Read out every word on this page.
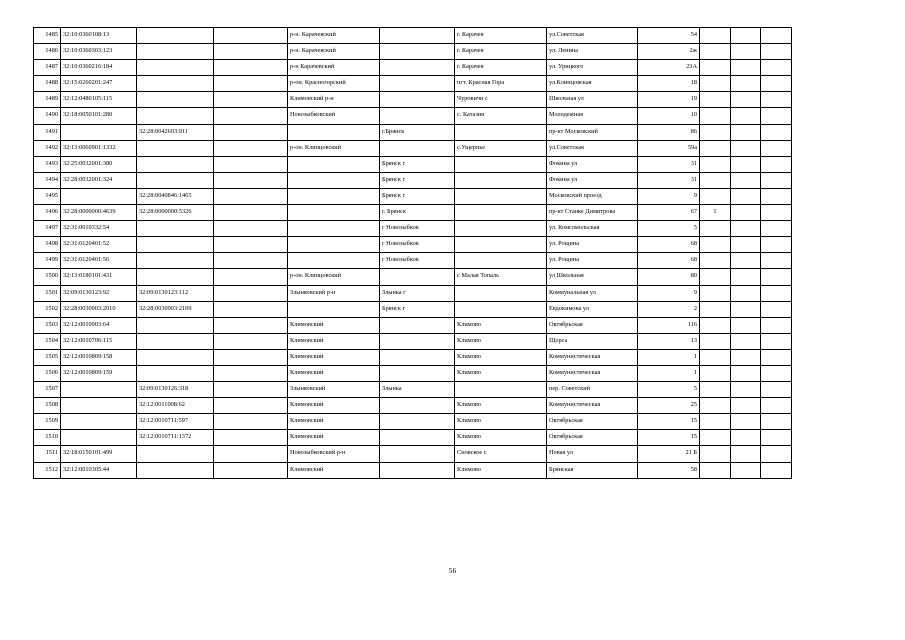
1485	32:10:0360108:13			р-н. Карачевский		г. Карачев	ул.Советская	54			
1486	32:10:0360303:123			р-н. Карачевский		г. Карачев	ул. Ленина	2ж			
1487	32:10:0360216:184			р-н Карачевский		г. Карачев	ул. Урицкого	23А			
1488	32:15:0260201:247			р-он. Красногорский		пгт. Красная Гора	ул.Клинцовская	18			
1489	32:12:0480105:115			Климовский р-н		Чуровичи с	Школьная ул	19			
1490	32:18:0050101:280			Новозыбковский		с. Катазин	Молодежная	10			
1491		32:28:0042603:911			г.Брянск		пр-кт Московский	86			
1492	32:13:0060901:1332			р-он. Клинцовский		с.Ущерпье	ул.Советская	59а			
1493	32:25:0032001:380				Брянск г		Фокина ул	31			
1494	32:28:0032001:324				Брянск г		Фокина ул	31			
1495		32:28:0040846:1465			Брянск г		Московский проезд	9			
1496	32:28:0000000:4639	32:28:0000000:5326			г. Брянск		пр-кт Станке Димитрова	67	1		
1497	32:31:0010332:54				г Новозыбков		ул. Комсомольская	5			
1498	32:31:0120401:52				г Новозыбков		ул. Рощина	68			
1499	32:31:0120401:56				г Новозыбков		ул. Рощина	68			
1500	32:13:0180101:431			р-он. Клинцовский		с Малая Топаль	ул Школьная	80			
1501	32:09:0130123:92	32:09:0130123:112		Злынковский р-н	Злынка г		Коммунальная ул	9			
1502	32:28:0030903:2010	32:28:0030903:2109			Брянск г		Евдокимова ул	2			
1503	32:12:0010903:64			Климовский		Климово	Октябрьская	116			
1504	32:12:0010706:115			Климовский		Климово	Щорса	13			
1505	32:12:0010809:158			Климовский		Климово	Коммунистическая	1			
1506	32:12:0010809:159			Климовский		Климово	Коммунистическая	1			
1507		32:09:0130126:318		Злынковский	Злынка		пер. Советский	5			
1508		32:12:0011008:62		Климовский		Климово	Коммунистическая	25			
1509		32:12:0010711:597		Климовский		Климово	Октябрьская	15			
1510		32:12:0010711:1372		Климовский		Климово	Октябрьская	15			
1511	32:18:0150101:499			Новозыбковский р-н		Сновское с	Новая ул	21 Б			
1512	32:12:0010305:44			Климовский		Климово	Брянская	58			
56
